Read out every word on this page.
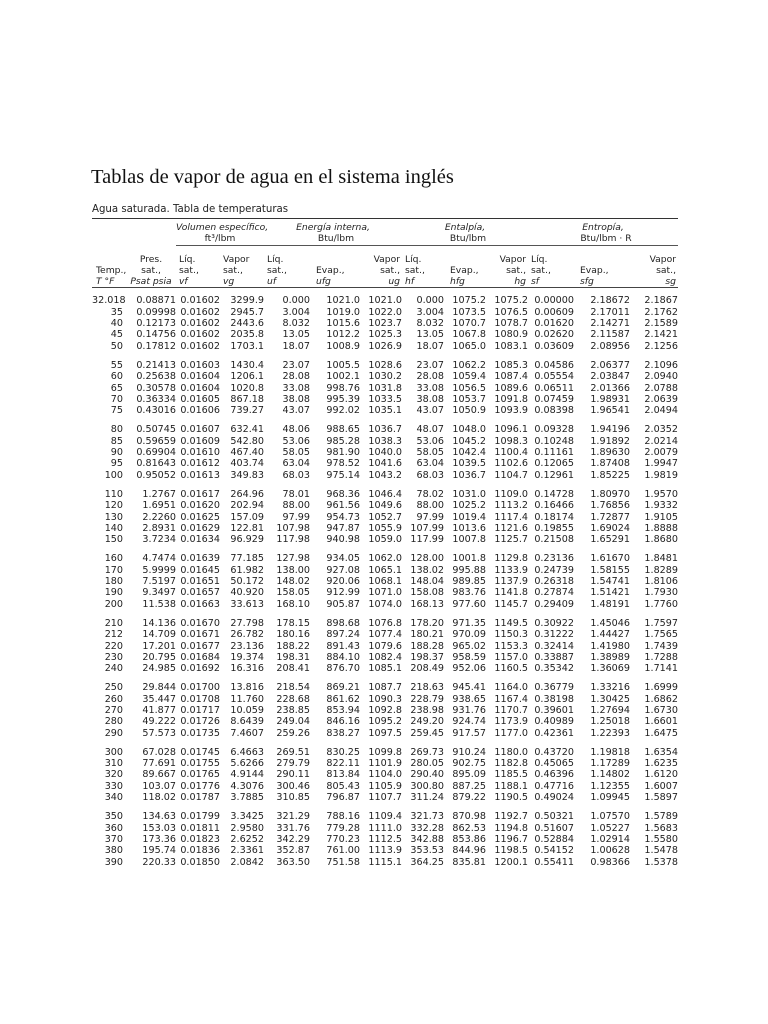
Tablas de vapor de agua en el sistema inglés
Agua saturada. Tabla de temperaturas
		Volumen específico,		Energía interna,			Entalpía,			Entropía,		
		ft³/lbm		Btu/lbm			Btu/lbm			Btu/lbm · R		

	Pres.	Líq.	Vapor	Líq.		Vapor	Líq.		Vapor	Líq.		Vapor
Temp.,	sat.,	sat.,	sat.,	sat.,	Evap.,	sat.,	sat.,	Evap.,	sat.,	sat.,	Evap.,	sat.,
T °F	Psat psia	vf	vg	uf	ufg	ug	hf	hfg	hg	sf	sfg	sg

32.018	0.08871	0.01602	3299.9	0.000	1021.0	1021.0	0.000	1075.2	1075.2	0.00000	2.18672	2.1867
35	0.09998	0.01602	2945.7	3.004	1019.0	1022.0	3.004	1073.5	1076.5	0.00609	2.17011	2.1762
40	0.12173	0.01602	2443.6	8.032	1015.6	1023.7	8.032	1070.7	1078.7	0.01620	2.14271	2.1589
45	0.14756	0.01602	2035.8	13.05	1012.2	1025.3	13.05	1067.8	1080.9	0.02620	2.11587	2.1421
50	0.17812	0.01602	1703.1	18.07	1008.9	1026.9	18.07	1065.0	1083.1	0.03609	2.08956	2.1256

55	0.21413	0.01603	1430.4	23.07	1005.5	1028.6	23.07	1062.2	1085.3	0.04586	2.06377	2.1096
60	0.25638	0.01604	1206.1	28.08	1002.1	1030.2	28.08	1059.4	1087.4	0.05554	2.03847	2.0940
65	0.30578	0.01604	1020.8	33.08	998.76	1031.8	33.08	1056.5	1089.6	0.06511	2.01366	2.0788
70	0.36334	0.01605	867.18	38.08	995.39	1033.5	38.08	1053.7	1091.8	0.07459	1.98931	2.0639
75	0.43016	0.01606	739.27	43.07	992.02	1035.1	43.07	1050.9	1093.9	0.08398	1.96541	2.0494

80	0.50745	0.01607	632.41	48.06	988.65	1036.7	48.07	1048.0	1096.1	0.09328	1.94196	2.0352
85	0.59659	0.01609	542.80	53.06	985.28	1038.3	53.06	1045.2	1098.3	0.10248	1.91892	2.0214
90	0.69904	0.01610	467.40	58.05	981.90	1040.0	58.05	1042.4	1100.4	0.11161	1.89630	2.0079
95	0.81643	0.01612	403.74	63.04	978.52	1041.6	63.04	1039.5	1102.6	0.12065	1.87408	1.9947
100	0.95052	0.01613	349.83	68.03	975.14	1043.2	68.03	1036.7	1104.7	0.12961	1.85225	1.9819

110	1.2767	0.01617	264.96	78.01	968.36	1046.4	78.02	1031.0	1109.0	0.14728	1.80970	1.9570
120	1.6951	0.01620	202.94	88.00	961.56	1049.6	88.00	1025.2	1113.2	0.16466	1.76856	1.9332
130	2.2260	0.01625	157.09	97.99	954.73	1052.7	97.99	1019.4	1117.4	0.18174	1.72877	1.9105
140	2.8931	0.01629	122.81	107.98	947.87	1055.9	107.99	1013.6	1121.6	0.19855	1.69024	1.8888
150	3.7234	0.01634	96.929	117.98	940.98	1059.0	117.99	1007.8	1125.7	0.21508	1.65291	1.8680

160	4.7474	0.01639	77.185	127.98	934.05	1062.0	128.00	1001.8	1129.8	0.23136	1.61670	1.8481
170	5.9999	0.01645	61.982	138.00	927.08	1065.1	138.02	995.88	1133.9	0.24739	1.58155	1.8289
180	7.5197	0.01651	50.172	148.02	920.06	1068.1	148.04	989.85	1137.9	0.26318	1.54741	1.8106
190	9.3497	0.01657	40.920	158.05	912.99	1071.0	158.08	983.76	1141.8	0.27874	1.51421	1.7930
200	11.538	0.01663	33.613	168.10	905.87	1074.0	168.13	977.60	1145.7	0.29409	1.48191	1.7760

210	14.136	0.01670	27.798	178.15	898.68	1076.8	178.20	971.35	1149.5	0.30922	1.45046	1.7597
212	14.709	0.01671	26.782	180.16	897.24	1077.4	180.21	970.09	1150.3	0.31222	1.44427	1.7565
220	17.201	0.01677	23.136	188.22	891.43	1079.6	188.28	965.02	1153.3	0.32414	1.41980	1.7439
230	20.795	0.01684	19.374	198.31	884.10	1082.4	198.37	958.59	1157.0	0.33887	1.38989	1.7288
240	24.985	0.01692	16.316	208.41	876.70	1085.1	208.49	952.06	1160.5	0.35342	1.36069	1.7141

250	29.844	0.01700	13.816	218.54	869.21	1087.7	218.63	945.41	1164.0	0.36779	1.33216	1.6999
260	35.447	0.01708	11.760	228.68	861.62	1090.3	228.79	938.65	1167.4	0.38198	1.30425	1.6862
270	41.877	0.01717	10.059	238.85	853.94	1092.8	238.98	931.76	1170.7	0.39601	1.27694	1.6730
280	49.222	0.01726	8.6439	249.04	846.16	1095.2	249.20	924.74	1173.9	0.40989	1.25018	1.6601
290	57.573	0.01735	7.4607	259.26	838.27	1097.5	259.45	917.57	1177.0	0.42361	1.22393	1.6475

300	67.028	0.01745	6.4663	269.51	830.25	1099.8	269.73	910.24	1180.0	0.43720	1.19818	1.6354
310	77.691	0.01755	5.6266	279.79	822.11	1101.9	280.05	902.75	1182.8	0.45065	1.17289	1.6235
320	89.667	0.01765	4.9144	290.11	813.84	1104.0	290.40	895.09	1185.5	0.46396	1.14802	1.6120
330	103.07	0.01776	4.3076	300.46	805.43	1105.9	300.80	887.25	1188.1	0.47716	1.12355	1.6007
340	118.02	0.01787	3.7885	310.85	796.87	1107.7	311.24	879.22	1190.5	0.49024	1.09945	1.5897

350	134.63	0.01799	3.3425	321.29	788.16	1109.4	321.73	870.98	1192.7	0.50321	1.07570	1.5789
360	153.03	0.01811	2.9580	331.76	779.28	1111.0	332.28	862.53	1194.8	0.51607	1.05227	1.5683
370	173.36	0.01823	2.6252	342.29	770.23	1112.5	342.88	853.86	1196.7	0.52884	1.02914	1.5580
380	195.74	0.01836	2.3361	352.87	761.00	1113.9	353.53	844.96	1198.5	0.54152	1.00628	1.5478
390	220.33	0.01850	2.0842	363.50	751.58	1115.1	364.25	835.81	1200.1	0.55411	0.98366	1.5378
